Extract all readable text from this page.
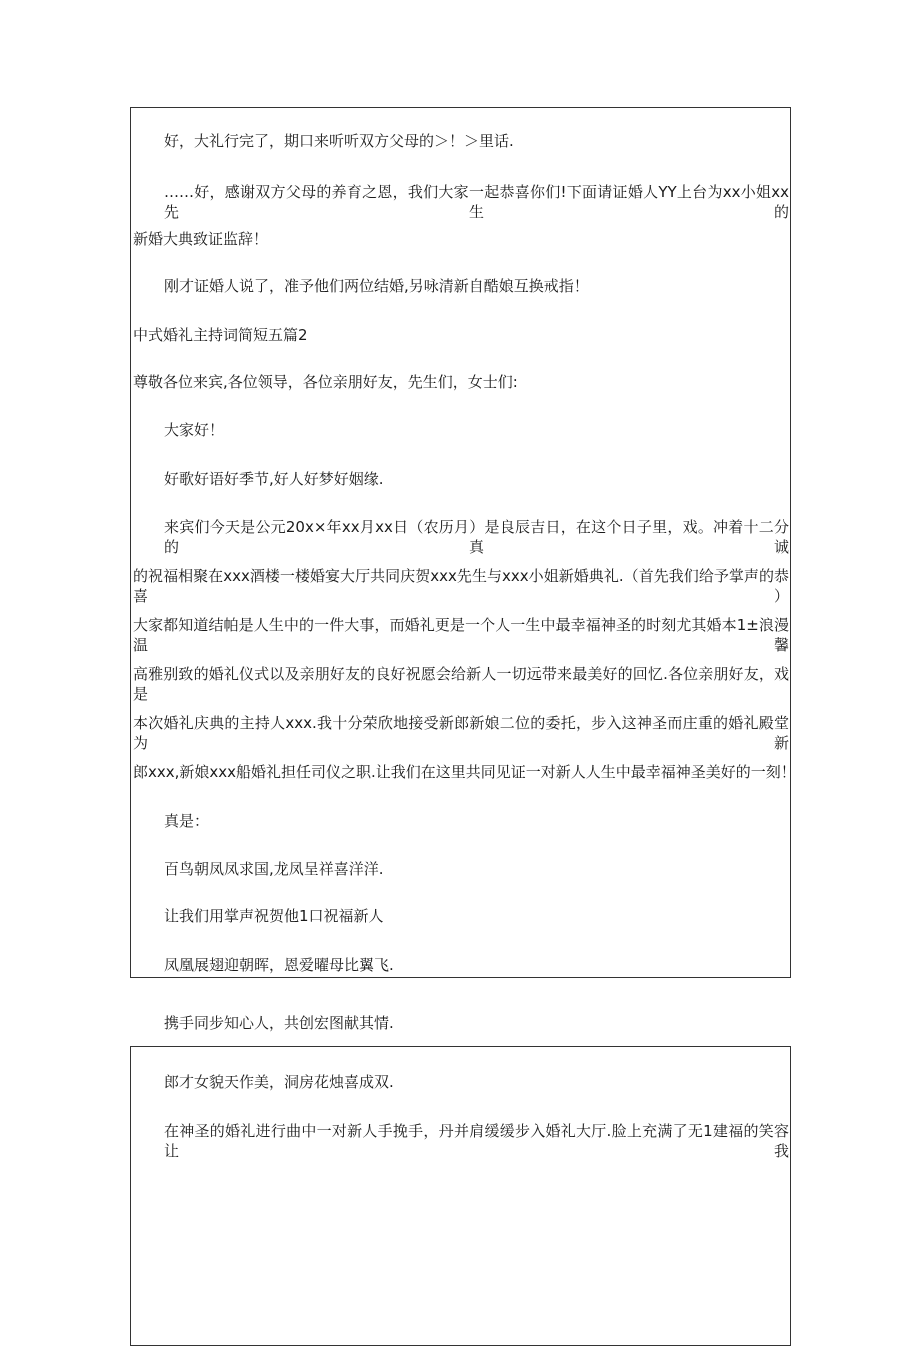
好，大礼行完了，期口来听听双方父母的＞！＞里话.

……好，感谢双方父母的养育之恩，我们大家一起恭喜你们!下面请证婚人YY上台为xx小姐xx先生的

新婚大典致证监辞！

刚才证婚人说了，准予他们两位结婚,另咏清新自酷娘互换戒指！

中式婚礼主持词简短五篇2

尊敬各位来宾,各位领导，各位亲朋好友，先生们，女士们:

大家好！

好歌好语好季节,好人好梦好姻缘.

来宾们今天是公元20x×年xx月xx日（农历月）是良辰吉日，在这个日子里，戏。冲着十二分的真诚

的祝福相聚在xxx酒楼一楼婚宴大厅共同庆贺xxx先生与xxx小姐新婚典礼.（首先我们给予掌声的恭喜）

大家都知道结帕是人生中的一件大事，而婚礼更是一个人一生中最幸福神圣的时刻尤其婚本1±浪漫温馨

高雅别致的婚礼仪式以及亲朋好友的良好祝愿会给新人一切远带来最美好的回忆.各位亲朋好友，戏是

本次婚礼庆典的主持人xxx.我十分荣欣地接受新郎新娘二位的委托，步入这神圣而庄重的婚礼殿堂为新

郎xxx,新娘xxx船婚礼担任司仪之职.让我们在这里共同见证一对新人人生中最幸福神圣美好的一刻！

真是：

百鸟朝凤凤求国,龙凤呈祥喜洋洋.

让我们用掌声祝贺他1口祝福新人

凤凰展翅迎朝晖，恩爱曜母比翼飞.

携手同步知心人，共创宏图献其情.

郎才女貌天作美，洞房花烛喜成双.

在神圣的婚礼进行曲中一对新人手挽手，丹并肩缓缓步入婚礼大厅.脸上充满了无1建福的笑容让我
